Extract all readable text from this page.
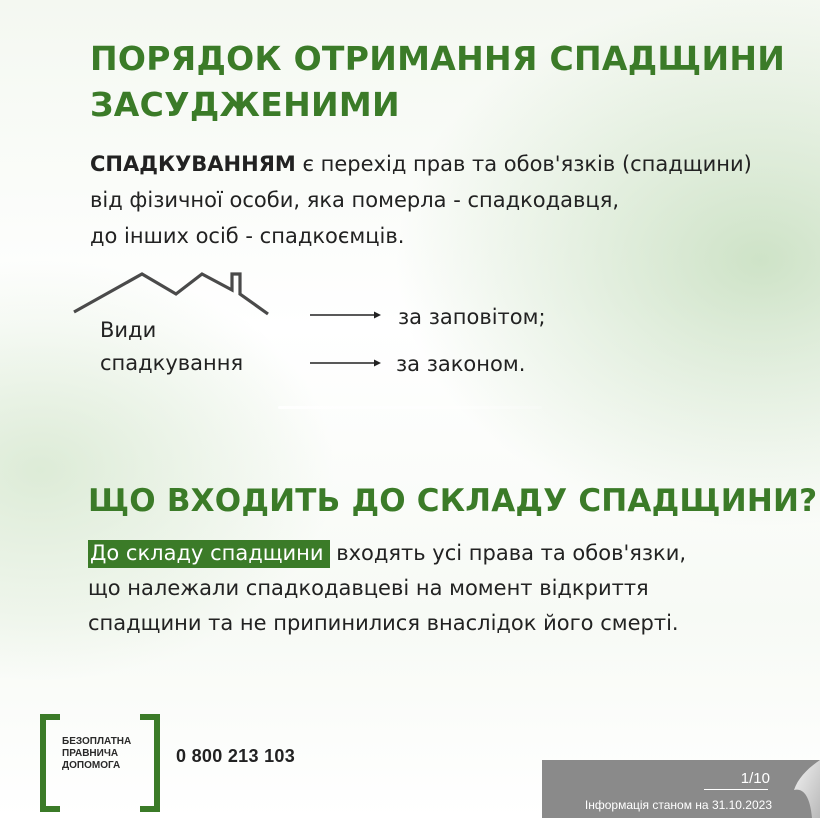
ПОРЯДОК ОТРИМАННЯ СПАДЩИНИ
ЗАСУДЖЕНИМИ
СПАДКУВАННЯМ є перехід прав та обов'язків (спадщини)
від фізичної особи, яка померла - спадкодавця,
до інших осіб - спадкоємців.
Види
спадкування
за заповітом;
за законом.
ЩО ВХОДИТЬ ДО СКЛАДУ СПАДЩИНИ?
До складу спадщини входять усі права та обов'язки,
що належали спадкодавцеві на момент відкриття
спадщини та не припинилися внаслідок його смерті.
БЕЗОПЛАТНА
ПРАВНИЧА
ДОПОМОГА	0 800 213 103
1/10
Інформація станом на 31.10.2023
